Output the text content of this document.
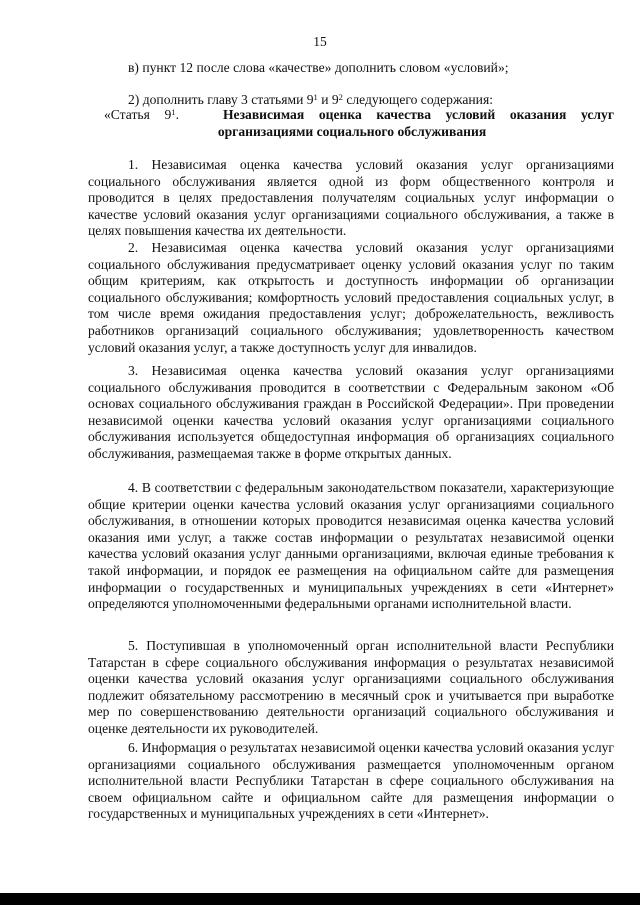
15

в) пункт 12 после слова «качестве» дополнить словом «условий»;

2) дополнить главу 3 статьями $9^1$ и $9^2$ следующего содержания:

«Статья $9^1$.	Независимая оценка качества условий оказания услуг
организациями социального обслуживания

1. Независимая оценка качества условий оказания услуг организациями социального обслуживания является одной из форм общественного контроля и проводится в целях предоставления получателям социальных услуг информации о качестве условий оказания услуг организациями социального обслуживания, а также в целях повышения качества их деятельности.

2. Независимая оценка качества условий оказания услуг организациями социального обслуживания предусматривает оценку условий оказания услуг по таким общим критериям, как открытость и доступность информации об организации социального обслуживания; комфортность условий предоставления социальных услуг, в том числе время ожидания предоставления услуг; доброжелательность, вежливость работников организаций социального обслуживания; удовлетворенность качеством условий оказания услуг, а также доступность услуг для инвалидов.

3. Независимая оценка качества условий оказания услуг организациями социального обслуживания проводится в соответствии с Федеральным законом «Об основах социального обслуживания граждан в Российской Федерации». При проведении независимой оценки качества условий оказания услуг организациями социального обслуживания используется общедоступная информация об организациях социального обслуживания, размещаемая также в форме открытых данных.

4. В соответствии с федеральным законодательством показатели, характеризующие общие критерии оценки качества условий оказания услуг организациями социального обслуживания, в отношении которых проводится независимая оценка качества условий оказания ими услуг, а также состав информации о результатах независимой оценки качества условий оказания услуг данными организациями, включая единые требования к такой информации, и порядок ее размещения на официальном сайте для размещения информации о государственных и муниципальных учреждениях в сети «Интернет» определяются уполномоченными федеральными органами исполнительной власти.

5. Поступившая в уполномоченный орган исполнительной власти Республики Татарстан в сфере социального обслуживания информация о результатах независимой оценки качества условий оказания услуг организациями социального обслуживания подлежит обязательному рассмотрению в месячный срок и учитывается при выработке мер по совершенствованию деятельности организаций социального обслуживания и оценке деятельности их руководителей.

6. Информация о результатах независимой оценки качества условий оказания услуг организациями социального обслуживания размещается уполномоченным органом исполнительной власти Республики Татарстан в сфере социального обслуживания на своем официальном сайте и официальном сайте для размещения информации о государственных и муниципальных учреждениях в сети «Интернет».
